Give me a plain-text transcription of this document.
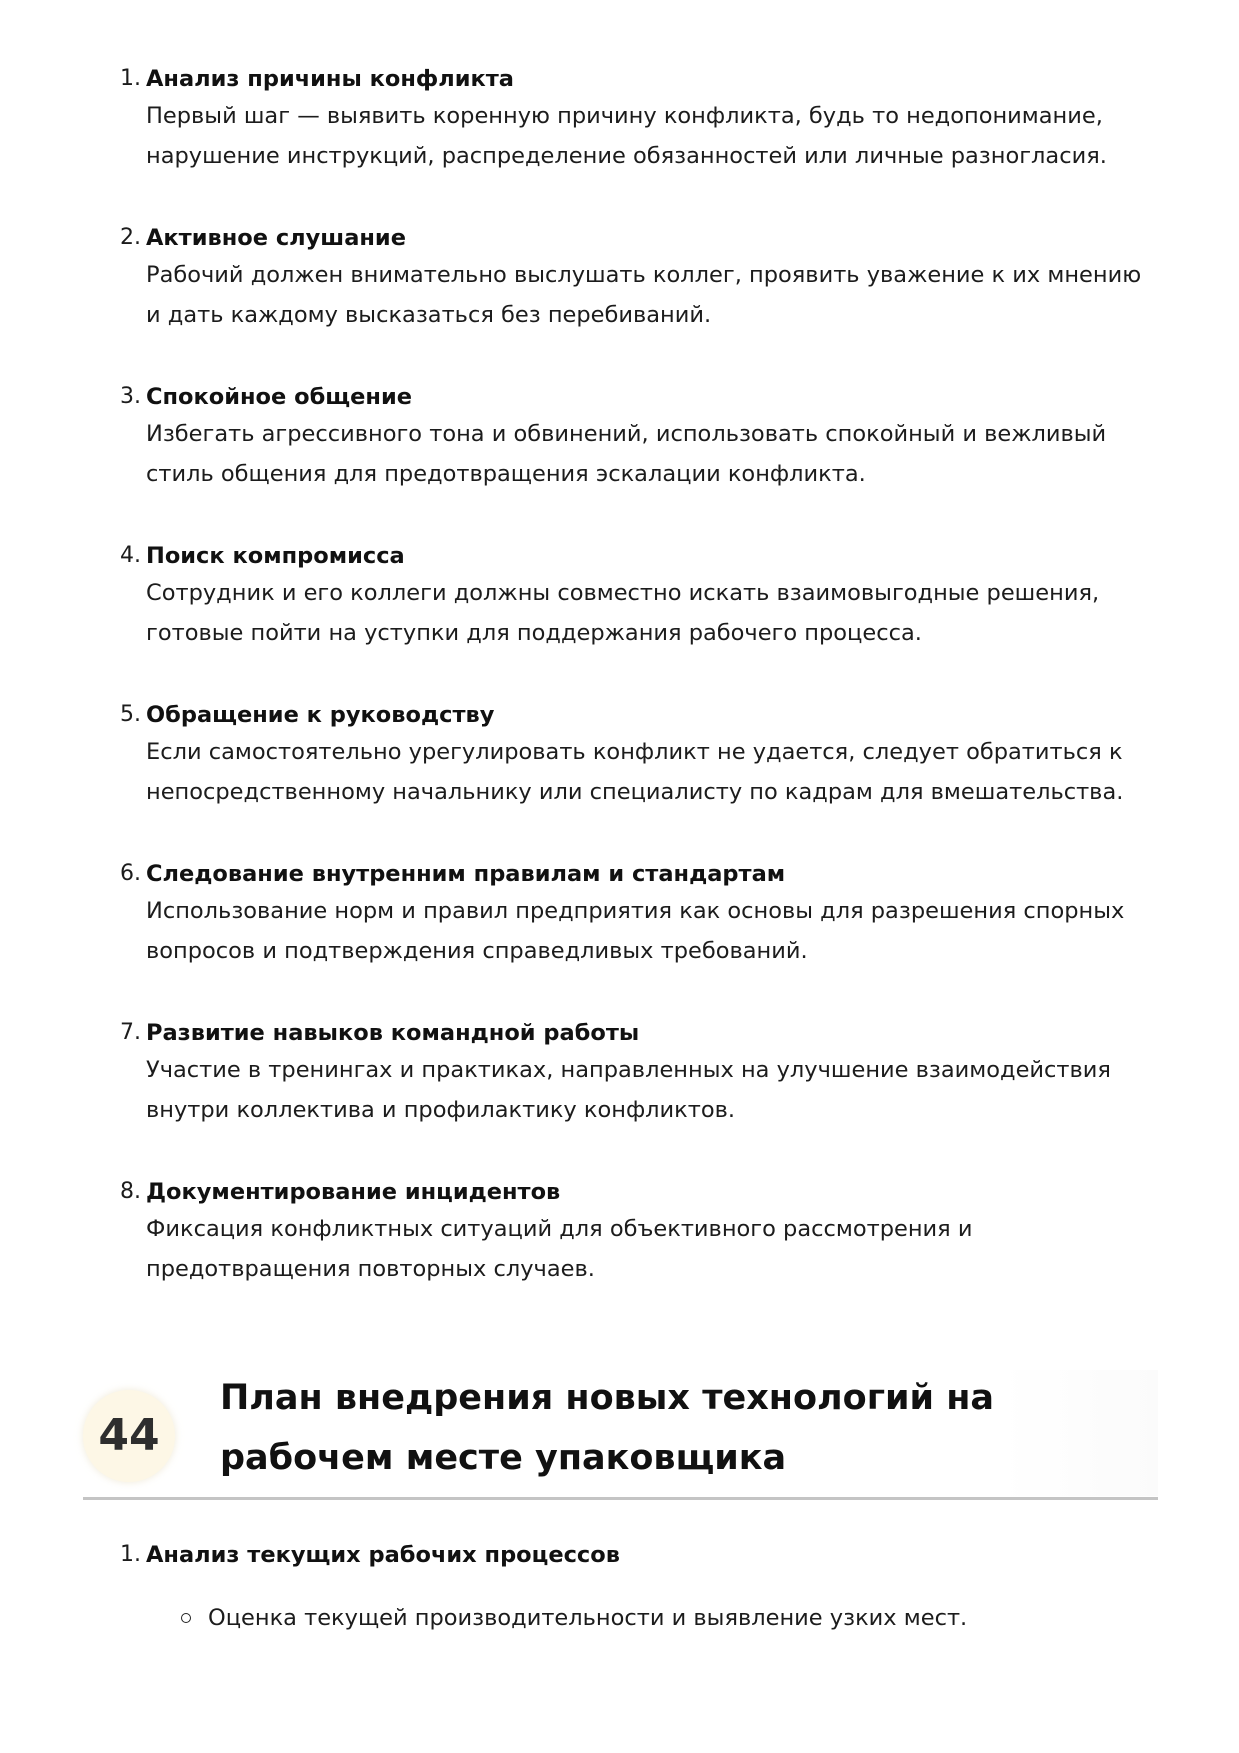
1. Анализ причины конфликта
Первый шаг — выявить коренную причину конфликта, будь то недопонимание, нарушение инструкций, распределение обязанностей или личные разногласия.
2. Активное слушание
Рабочий должен внимательно выслушать коллег, проявить уважение к их мнению и дать каждому высказаться без перебиваний.
3. Спокойное общение
Избегать агрессивного тона и обвинений, использовать спокойный и вежливый стиль общения для предотвращения эскалации конфликта.
4. Поиск компромисса
Сотрудник и его коллеги должны совместно искать взаимовыгодные решения, готовые пойти на уступки для поддержания рабочего процесса.
5. Обращение к руководству
Если самостоятельно урегулировать конфликт не удается, следует обратиться к непосредственному начальнику или специалисту по кадрам для вмешательства.
6. Следование внутренним правилам и стандартам
Использование норм и правил предприятия как основы для разрешения спорных вопросов и подтверждения справедливых требований.
7. Развитие навыков командной работы
Участие в тренингах и практиках, направленных на улучшение взаимодействия внутри коллектива и профилактику конфликтов.
8. Документирование инцидентов
Фиксация конфликтных ситуаций для объективного рассмотрения и предотвращения повторных случаев.
44
План внедрения новых технологий на рабочем месте упаковщика
1. Анализ текущих рабочих процессов
Оценка текущей производительности и выявление узких мест.
